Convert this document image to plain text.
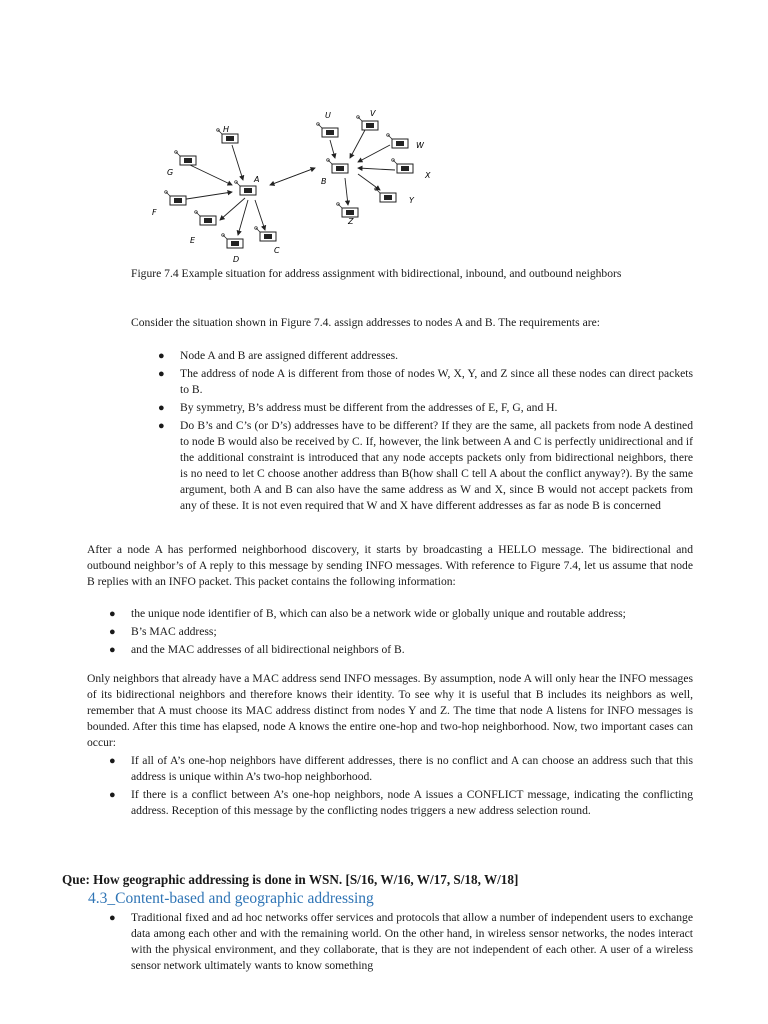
H
G
F
E
D
C
A	B
U	V
W
X
Y
Z

Figure 7.4 Example situation for address assignment with bidirectional, inbound, and outbound neighbors

Consider the situation shown in Figure 7.4. assign addresses to nodes A and B. The requirements are:

● Node A and B are assigned different addresses.
● The address of node A is different from those of nodes W, X, Y, and Z since all these nodes can direct packets to B.
● By symmetry, B’s address must be different from the addresses of E, F, G, and H.
● Do B’s and C’s (or D’s) addresses have to be different? If they are the same, all packets from node A destined to node B would also be received by C. If, however, the link between A and C is perfectly unidirectional and if the additional constraint is introduced that any node accepts packets only from bidirectional neighbors, there is no need to let C choose another address than B(how shall C tell A about the conflict anyway?). By the same argument, both A and B can also have the same address as W and X, since B would not accept packets from any of these. It is not even required that W and X have different addresses as far as node B is concerned

After a node A has performed neighborhood discovery, it starts by broadcasting a HELLO message. The bidirectional and outbound neighbor’s of A reply to this message by sending INFO messages. With reference to Figure 7.4, let us assume that node B replies with an INFO packet. This packet contains the following information:

● the unique node identifier of B, which can also be a network wide or globally unique and routable address;
● B’s MAC address;
● and the MAC addresses of all bidirectional neighbors of B.

Only neighbors that already have a MAC address send INFO messages. By assumption, node A will only hear the INFO messages of its bidirectional neighbors and therefore knows their identity. To see why it is useful that B includes its neighbors as well, remember that A must choose its MAC address distinct from nodes Y and Z. The time that node A listens for INFO messages is bounded. After this time has elapsed, node A knows the entire one-hop and two-hop neighborhood. Now, two important cases can occur:

● If all of A’s one-hop neighbors have different addresses, there is no conflict and A can choose an address such that this address is unique within A’s two-hop neighborhood.
● If there is a conflict between A’s one-hop neighbors, node A issues a CONFLICT message, indicating the conflicting address. Reception of this message by the conflicting nodes triggers a new address selection round.
Que: How geographic addressing is done in WSN. [S/16, W/16, W/17, S/18, W/18]
4.3_Content-based and geographic addressing
● Traditional fixed and ad hoc networks offer services and protocols that allow a number of independent users to exchange data among each other and with the remaining world. On the other hand, in wireless sensor networks, the nodes interact with the physical environment, and they collaborate, that is they are not independent of each other. A user of a wireless sensor network ultimately wants to know something
